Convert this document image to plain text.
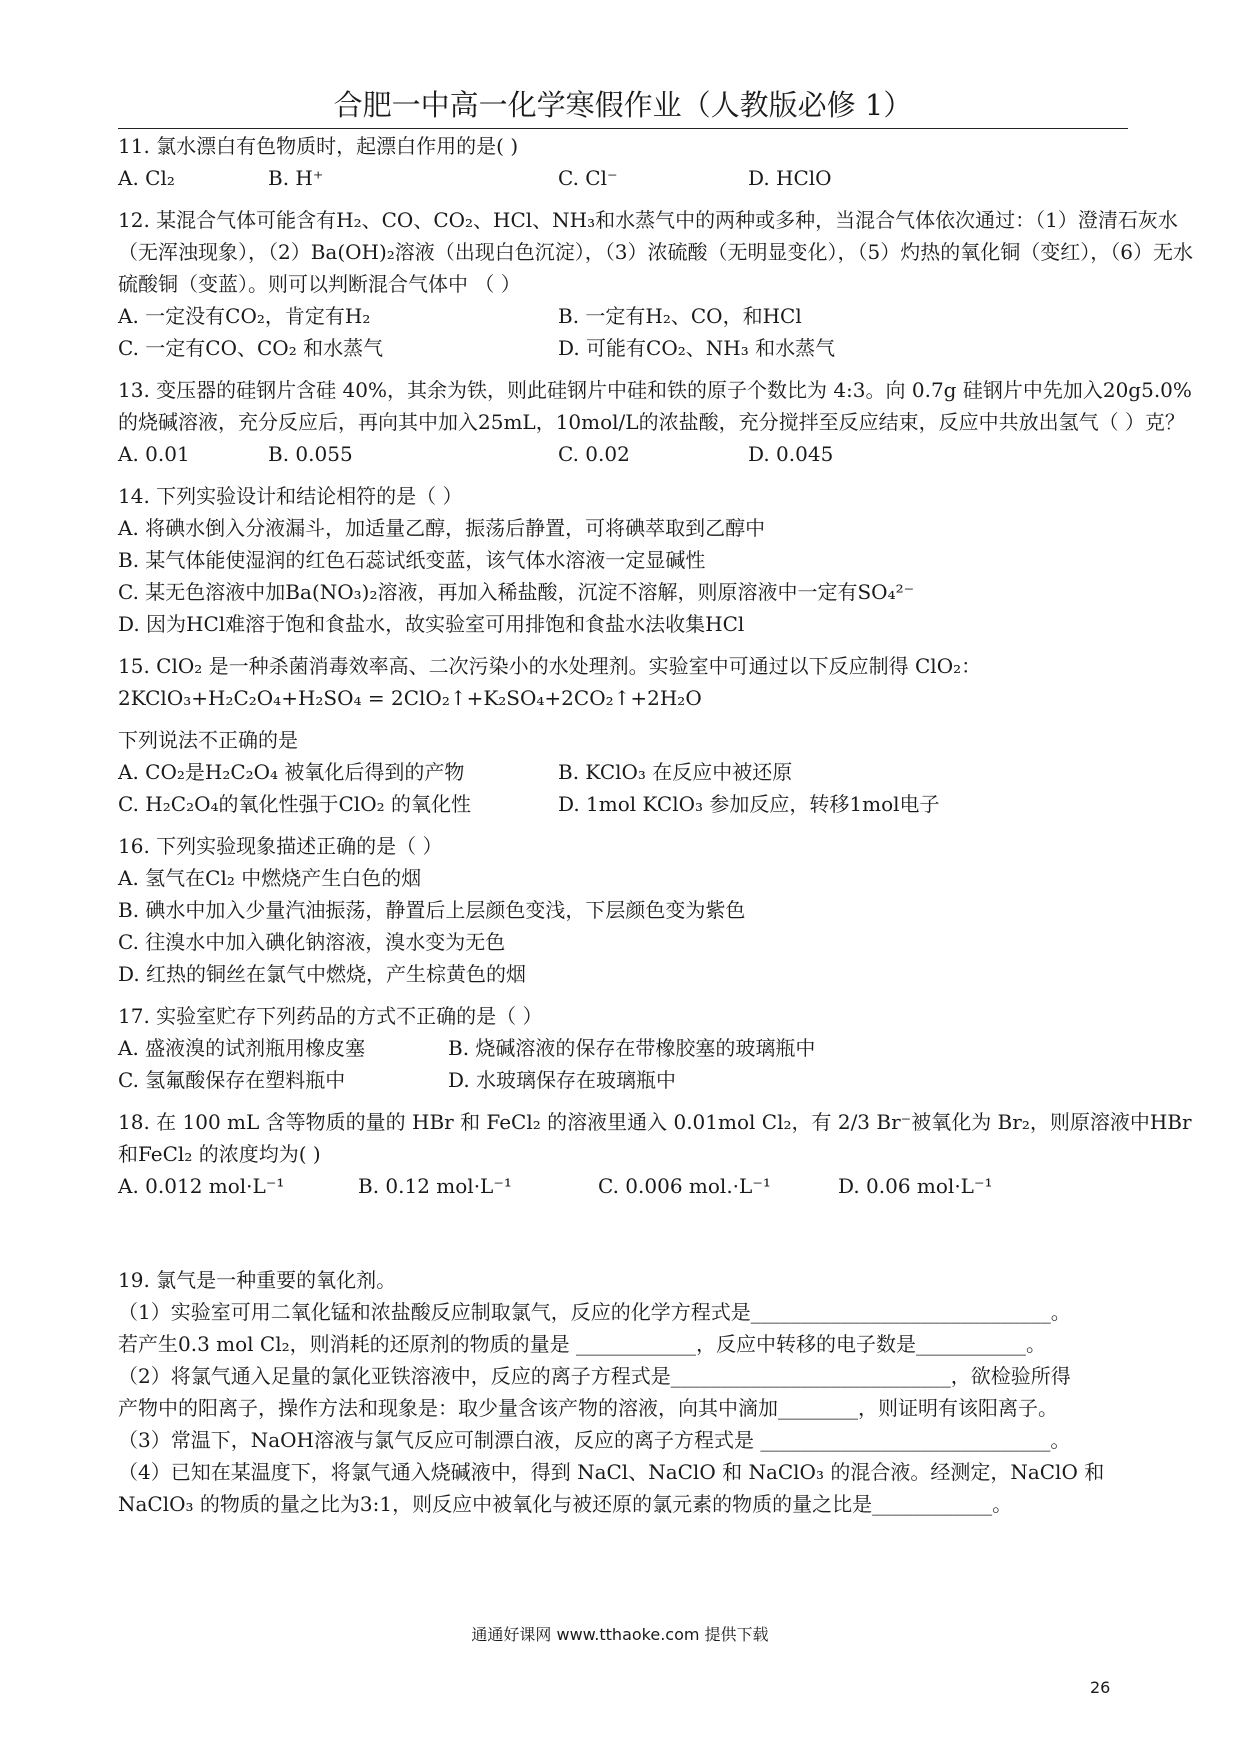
合肥一中高一化学寒假作业（人教版必修 1）

11. 氯水漂白有色物质时，起漂白作用的是( )

A. Cl₂	B. H⁺	C. Cl⁻	D. HClO

12. 某混合气体可能含有H₂、CO、CO₂、HCl、NH₃和水蒸气中的两种或多种，当混合气体依次通过：（1）澄清石灰水（无浑浊现象），（2）Ba(OH)₂溶液（出现白色沉淀），（3）浓硫酸（无明显变化），（5）灼热的氧化铜（变红），（6）无水硫酸铜（变蓝）。则可以判断混合气体中 （ ）

A. 一定没有CO₂，肯定有H₂	B. 一定有H₂、CO，和HCl

C. 一定有CO、CO₂ 和水蒸气	D. 可能有CO₂、NH₃ 和水蒸气

13. 变压器的硅钢片含硅 40%，其余为铁，则此硅钢片中硅和铁的原子个数比为 4:3。向 0.7g 硅钢片中先加入20g5.0%的烧碱溶液，充分反应后，再向其中加入25mL，10mol/L的浓盐酸，充分搅拌至反应结束，反应中共放出氢气（ ）克？

A. 0.01	B. 0.055	C. 0.02	D. 0.045

14. 下列实验设计和结论相符的是（ ）

A. 将碘水倒入分液漏斗，加适量乙醇，振荡后静置，可将碘萃取到乙醇中

B. 某气体能使湿润的红色石蕊试纸变蓝，该气体水溶液一定显碱性

C. 某无色溶液中加Ba(NO₃)₂溶液，再加入稀盐酸，沉淀不溶解，则原溶液中一定有SO₄²⁻

D. 因为HCl难溶于饱和食盐水，故实验室可用排饱和食盐水法收集HCl

15. ClO₂ 是一种杀菌消毒效率高、二次污染小的水处理剂。实验室中可通过以下反应制得 ClO₂：

2KClO₃+H₂C₂O₄+H₂SO₄ = 2ClO₂↑+K₂SO₄+2CO₂↑+2H₂O

下列说法不正确的是

A. CO₂是H₂C₂O₄ 被氧化后得到的产物	B. KClO₃ 在反应中被还原

C. H₂C₂O₄的氧化性强于ClO₂ 的氧化性	D. 1mol KClO₃ 参加反应，转移1mol电子

16. 下列实验现象描述正确的是（ ）

A. 氢气在Cl₂ 中燃烧产生白色的烟

B. 碘水中加入少量汽油振荡，静置后上层颜色变浅，下层颜色变为紫色

C. 往溴水中加入碘化钠溶液，溴水变为无色

D. 红热的铜丝在氯气中燃烧，产生棕黄色的烟

17. 实验室贮存下列药品的方式不正确的是（ ）

A. 盛液溴的试剂瓶用橡皮塞	B. 烧碱溶液的保存在带橡胶塞的玻璃瓶中

C. 氢氟酸保存在塑料瓶中	D. 水玻璃保存在玻璃瓶中

18. 在 100 mL 含等物质的量的 HBr 和 FeCl₂ 的溶液里通入 0.01mol Cl₂，有 2/3 Br⁻被氧化为 Br₂，则原溶液中HBr和FeCl₂ 的浓度均为( )

A. 0.012 mol·L⁻¹	B. 0.12 mol·L⁻¹	C. 0.006 mol.·L⁻¹	D. 0.06 mol·L⁻¹

19. 氯气是一种重要的氧化剂。

（1）实验室可用二氧化锰和浓盐酸反应制取氯气，反应的化学方程式是______________________________。

若产生0.3 mol Cl₂，则消耗的还原剂的物质的量是 ____________，反应中转移的电子数是___________。

（2）将氯气通入足量的氯化亚铁溶液中，反应的离子方程式是____________________________，欲检验所得

产物中的阳离子，操作方法和现象是：取少量含该产物的溶液，向其中滴加________，则证明有该阳离子。

（3）常温下，NaOH溶液与氯气反应可制漂白液，反应的离子方程式是 _____________________________。

（4）已知在某温度下，将氯气通入烧碱液中，得到 NaCl、NaClO 和 NaClO₃ 的混合液。经测定，NaClO 和

NaClO₃ 的物质的量之比为3:1，则反应中被氧化与被还原的氯元素的物质的量之比是____________。

通通好课网 www.tthaoke.com 提供下载
26
